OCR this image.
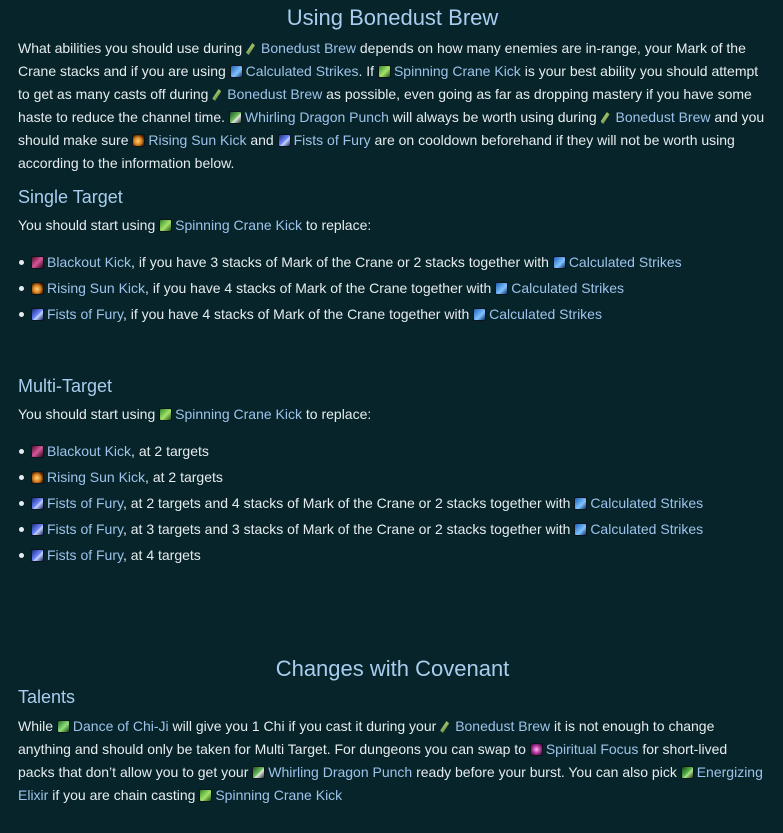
Using Bonedust Brew

What abilities you should use during Bonedust Brew depends on how many enemies are in-range, your Mark of the Crane stacks and if you are using Calculated Strikes. If Spinning Crane Kick is your best ability you should attempt to get as many casts off during Bonedust Brew as possible, even going as far as dropping mastery if you have some haste to reduce the channel time. Whirling Dragon Punch will always be worth using during Bonedust Brew and you should make sure Rising Sun Kick and Fists of Fury are on cooldown beforehand if they will not be worth using according to the information below.

Single Target

You should start using Spinning Crane Kick to replace:

Blackout Kick, if you have 3 stacks of Mark of the Crane or 2 stacks together with Calculated Strikes
Rising Sun Kick, if you have 4 stacks of Mark of the Crane together with Calculated Strikes
Fists of Fury, if you have 4 stacks of Mark of the Crane together with Calculated Strikes
Multi-Target

You should start using Spinning Crane Kick to replace:

Blackout Kick, at 2 targets
Rising Sun Kick, at 2 targets
Fists of Fury, at 2 targets and 4 stacks of Mark of the Crane or 2 stacks together with Calculated Strikes
Fists of Fury, at 3 targets and 3 stacks of Mark of the Crane or 2 stacks together with Calculated Strikes
Fists of Fury, at 4 targets
Changes with Covenant
Talents

While Dance of Chi-Ji will give you 1 Chi if you cast it during your Bonedust Brew it is not enough to change anything and should only be taken for Multi Target. For dungeons you can swap to Spiritual Focus for short-lived packs that don’t allow you to get your Whirling Dragon Punch ready before your burst. You can also pick Energizing Elixir if you are chain casting Spinning Crane Kick
